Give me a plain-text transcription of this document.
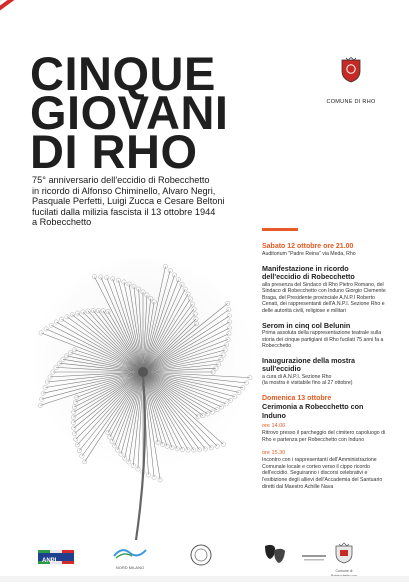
CINQUE
GIOVANI
DI RHO
75° anniversario dell'eccidio di Robecchetto
in ricordo di Alfonso Chiminello, Alvaro Negri,
Pasquale Perfetti, Luigi Zucca e Cesare Beltoni
fucilati dalla milizia fascista il 13 ottobre 1944
a Robecchetto
COMUNE DI RHO
Sabato 12 ottobre ore 21.00
Auditorium "Padre Reina" via Meda, Rho
Manifestazione in ricordo dell'eccidio di Robecchetto
alla presenza del Sindaco di Rho Pietro Romano, del Sindaco di Robecchetto con Induno Giorgio Clemente Braga, del Presidente provinciale A.N.P.I Roberto Cenati, dei rappresentanti dell'A.N.P.I. Sezione Rho e delle autorità civili, religiose e militari
Serom in cinq col Belunin
Prima assoluta della rappresentazione teatrale sulla storia dei cinque partigiani di Rho fucilati 75 anni fa a Robecchetto
Inaugurazione della mostra sull'eccidio
a cura di A.N.P.I. Sezione Rho
(la mostra è visitabile fino al 27 ottobre)
Domenica 13 ottobre
Cerimonia a Robecchetto con Induno
ore 14.00
Ritrovo presso il parcheggio del cimitero capoluogo di Rho e partenza per Robecchetto con Induno
ore 15.30
Incontro con i rappresentanti dell'Amministrazione Comunale locale e corteo verso il cippo ricordo dell'eccidio. Seguiranno i discorsi celebrativi e l'esibizione degli allievi dell'Accademia del Santuario diretti dal Maestro Achille Nava
ANPI
NORD MILANO
Comune di
